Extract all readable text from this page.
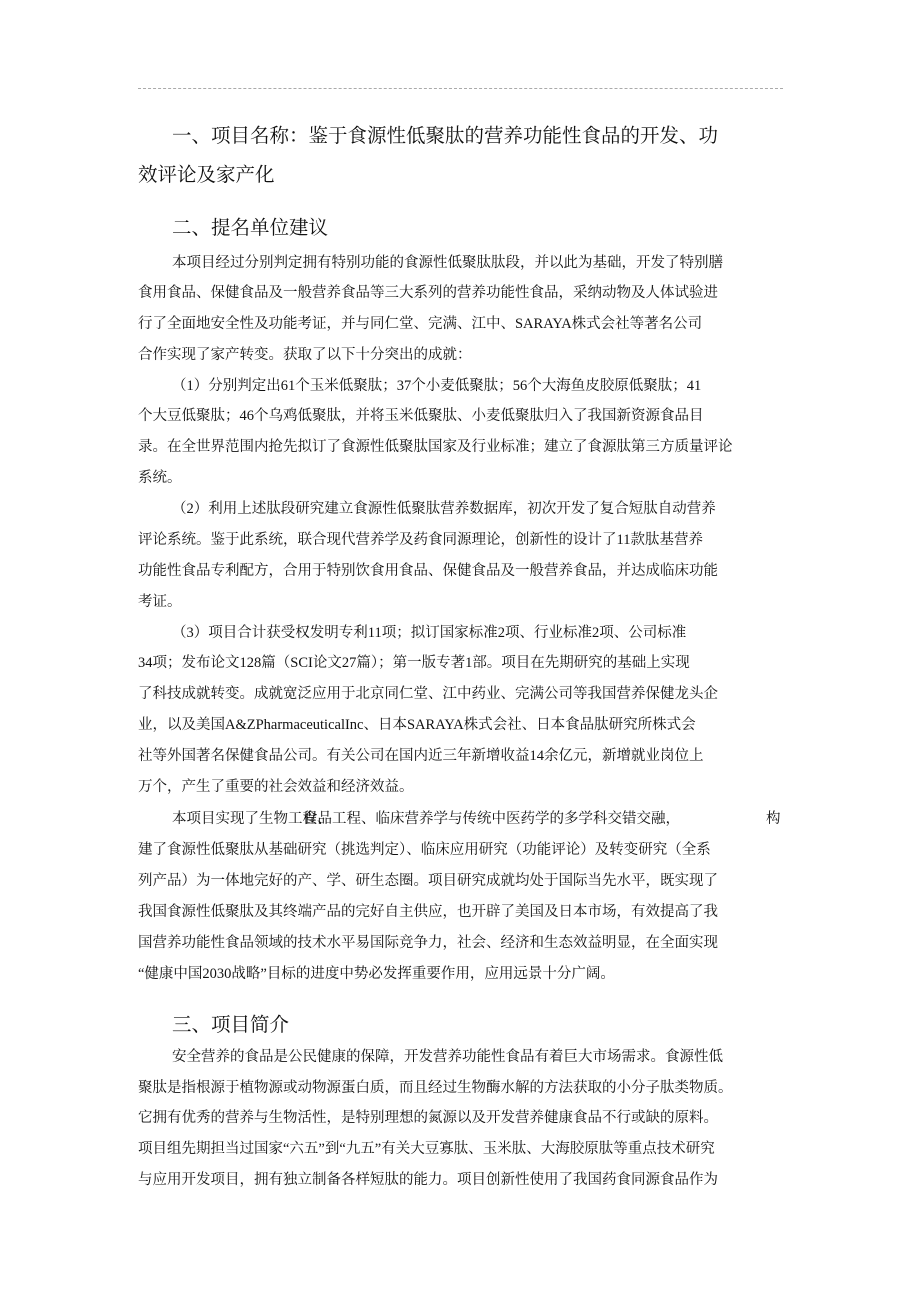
一、项目名称：鉴于食源性低聚肽的营养功能性食品的开发、功
效评论及家产化
二、提名单位建议
本项目经过分别判定拥有特别功能的食源性低聚肽肽段，并以此为基础，开发了特别膳
食用食品、保健食品及一般营养食品等三大系列的营养功能性食品，采纳动物及人体试验进
行了全面地安全性及功能考证，并与同仁堂、完满、江中、SARAYA株式会社等著名公司
合作实现了家产转变。获取了以下十分突出的成就：
（1）分别判定出61个玉米低聚肽；37个小麦低聚肽；56个大海鱼皮胶原低聚肽；41
个大豆低聚肽；46个乌鸡低聚肽，并将玉米低聚肽、小麦低聚肽归入了我国新资源食品目
录。在全世界范围内抢先拟订了食源性低聚肽国家及行业标准；建立了食源肽第三方质量评论
系统。
（2）利用上述肽段研究建立食源性低聚肽营养数据库，初次开发了复合短肽自动营养
评论系统。鉴于此系统，联合现代营养学及药食同源理论，创新性的设计了11款肽基营养
功能性食品专利配方，合用于特别饮食用食品、保健食品及一般营养食品，并达成临床功能
考证。
（3）项目合计获受权发明专利11项；拟订国家标准2项、行业标准2项、公司标准
34项；发布论文128篇（SCI论文27篇）；第一版专著1部。项目在先期研究的基础上实现
了科技成就转变。成就宽泛应用于北京同仁堂、江中药业、完满公司等我国营养保健龙头企
业，以及美国A&ZPharmaceuticalInc、日本SARAYA株式会社、日本食品肽研究所株式会
社等外国著名保健食品公司。有关公司在国内近三年新增收益14余亿元，新增就业岗位上
万个，产生了重要的社会效益和经济效益。
本项目实现了生物工程、
食品工程、临床营养学与传统中医药学的多学科交错交融，	构
建了食源性低聚肽从基础研究（挑选判定）、临床应用研究（功能评论）及转变研究（全系
列产品）为一体地完好的产、学、研生态圈。项目研究成就均处于国际当先水平，既实现了
我国食源性低聚肽及其终端产品的完好自主供应，也开辟了美国及日本市场，有效提高了我
国营养功能性食品领域的技术水平易国际竞争力，社会、经济和生态效益明显，在全面实现
“健康中国2030战略”目标的进度中势必发挥重要作用，应用远景十分广阔。
三、项目简介
安全营养的食品是公民健康的保障，开发营养功能性食品有着巨大市场需求。食源性低
聚肽是指根源于植物源或动物源蛋白质，而且经过生物酶水解的方法获取的小分子肽类物质。
它拥有优秀的营养与生物活性，是特别理想的氮源以及开发营养健康食品不行或缺的原料。
项目组先期担当过国家“六五”到“九五”有关大豆寡肽、玉米肽、大海胶原肽等重点技术研究
与应用开发项目，拥有独立制备各样短肽的能力。项目创新性使用了我国药食同源食品作为
